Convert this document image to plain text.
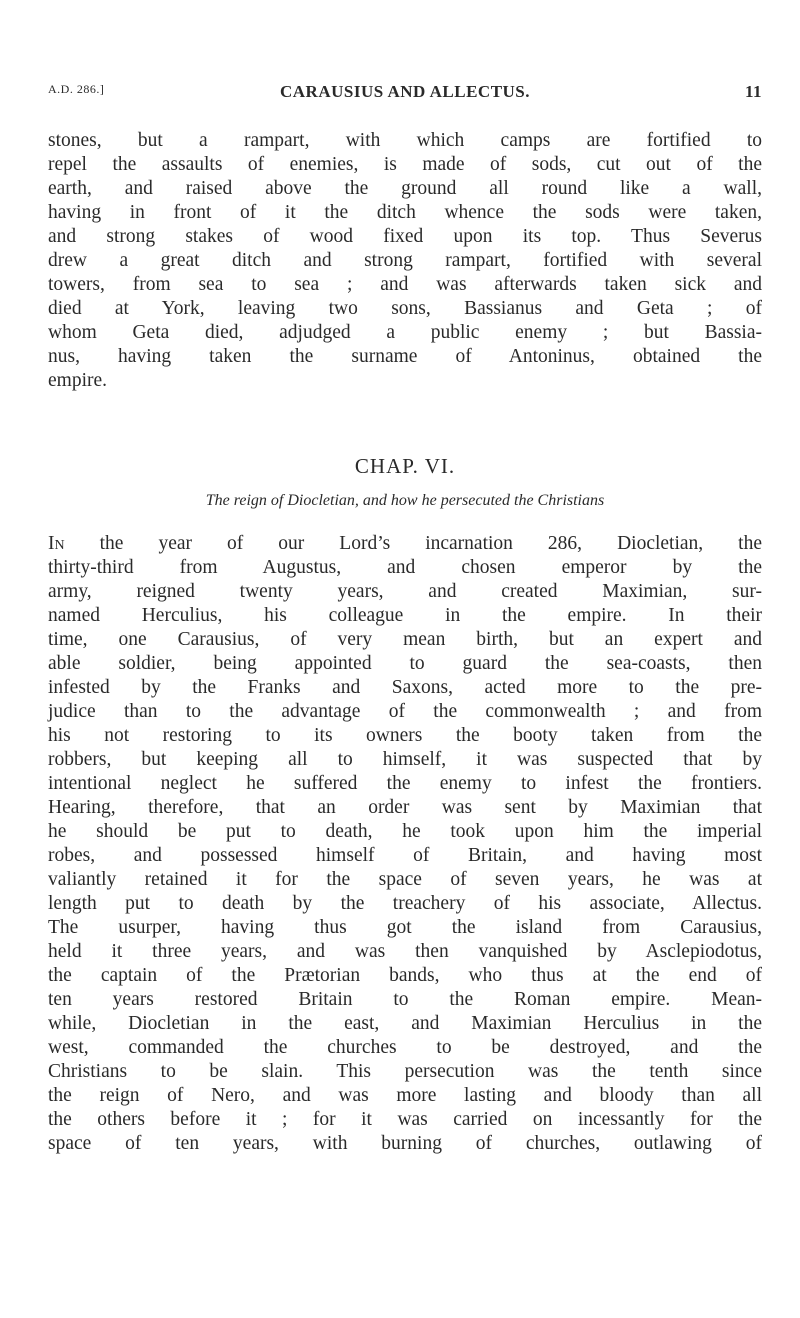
A.D. 286.]	CARAUSIUS AND ALLECTUS.	11
stones, but a rampart, with which camps are fortified to
repel the assaults of enemies, is made of sods, cut out of the
earth, and raised above the ground all round like a wall,
having in front of it the ditch whence the sods were taken,
and strong stakes of wood fixed upon its top. Thus Severus
drew a great ditch and strong rampart, fortified with several
towers, from sea to sea ; and was afterwards taken sick and
died at York, leaving two sons, Bassianus and Geta ; of
whom Geta died, adjudged a public enemy ; but Bassia-
nus, having taken the surname of Antoninus, obtained the
empire.
CHAP. VI.
The reign of Diocletian, and how he persecuted the Christians
In the year of our Lord’s incarnation 286, Diocletian, the
thirty-third from Augustus, and chosen emperor by the
army, reigned twenty years, and created Maximian, sur-
named Herculius, his colleague in the empire. In their
time, one Carausius, of very mean birth, but an expert and
able soldier, being appointed to guard the sea-coasts, then
infested by the Franks and Saxons, acted more to the pre-
judice than to the advantage of the commonwealth ; and from
his not restoring to its owners the booty taken from the
robbers, but keeping all to himself, it was suspected that by
intentional neglect he suffered the enemy to infest the frontiers.
Hearing, therefore, that an order was sent by Maximian that
he should be put to death, he took upon him the imperial
robes, and possessed himself of Britain, and having most
valiantly retained it for the space of seven years, he was at
length put to death by the treachery of his associate, Allectus.
The usurper, having thus got the island from Carausius,
held it three years, and was then vanquished by Asclepiodotus,
the captain of the Prætorian bands, who thus at the end of
ten years restored Britain to the Roman empire. Mean-
while, Diocletian in the east, and Maximian Herculius in the
west, commanded the churches to be destroyed, and the
Christians to be slain. This persecution was the tenth since
the reign of Nero, and was more lasting and bloody than all
the others before it ; for it was carried on incessantly for the
space of ten years, with burning of churches, outlawing of
